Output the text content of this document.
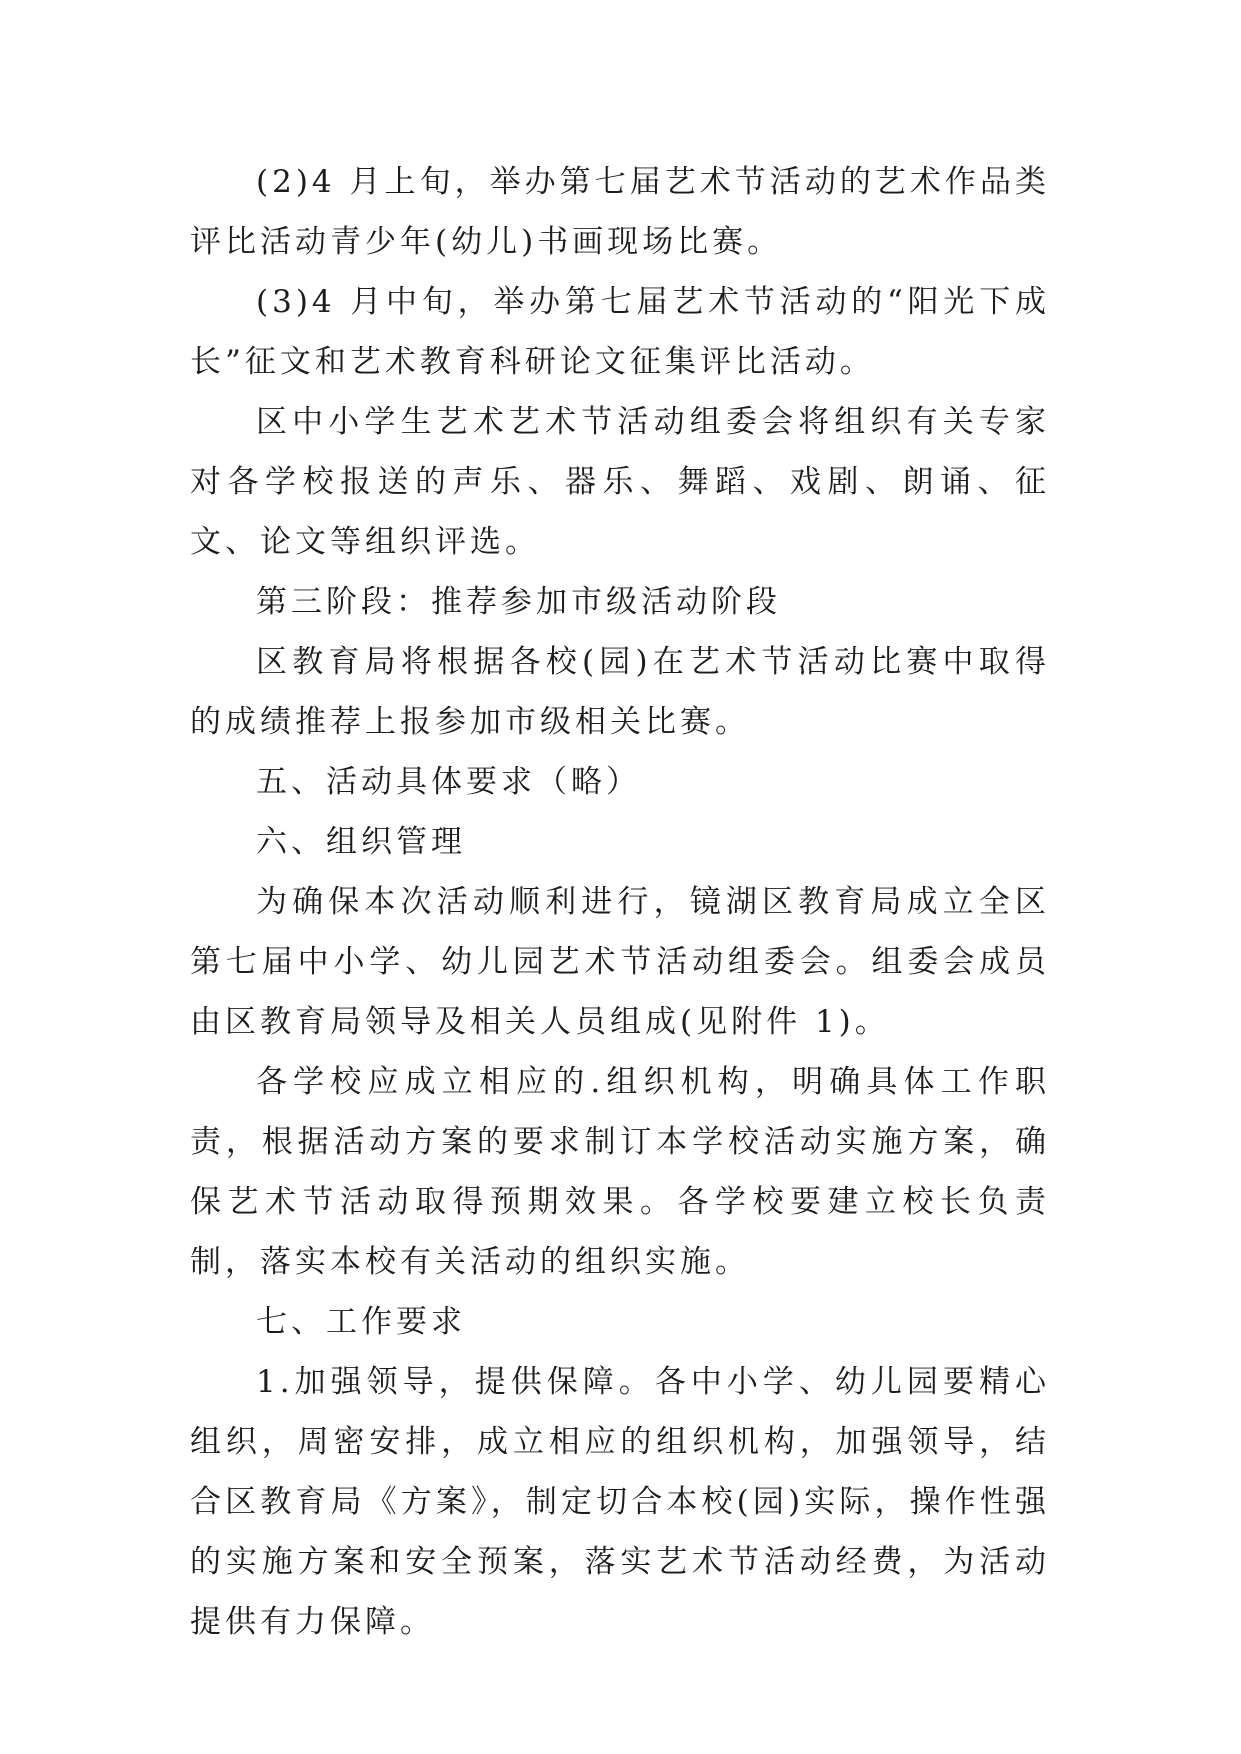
(2)4 月上旬，举办第七届艺术节活动的艺术作品类评比活动青少年(幼儿)书画现场比赛。

(3)4 月中旬，举办第七届艺术节活动的“阳光下成长”征文和艺术教育科研论文征集评比活动。

区中小学生艺术艺术节活动组委会将组织有关专家对各学校报送的声乐、器乐、舞蹈、戏剧、朗诵、征文、论文等组织评选。

第三阶段：推荐参加市级活动阶段

区教育局将根据各校(园)在艺术节活动比赛中取得的成绩推荐上报参加市级相关比赛。

五、活动具体要求（略）

六、组织管理

为确保本次活动顺利进行，镜湖区教育局成立全区第七届中小学、幼儿园艺术节活动组委会。组委会成员由区教育局领导及相关人员组成(见附件 1)。

各学校应成立相应的.组织机构，明确具体工作职责，根据活动方案的要求制订本学校活动实施方案，确保艺术节活动取得预期效果。各学校要建立校长负责制，落实本校有关活动的组织实施。

七、工作要求

1.加强领导，提供保障。各中小学、幼儿园要精心组织，周密安排，成立相应的组织机构，加强领导，结合区教育局《方案》，制定切合本校(园)实际，操作性强的实施方案和安全预案，落实艺术节活动经费，为活动提供有力保障。
